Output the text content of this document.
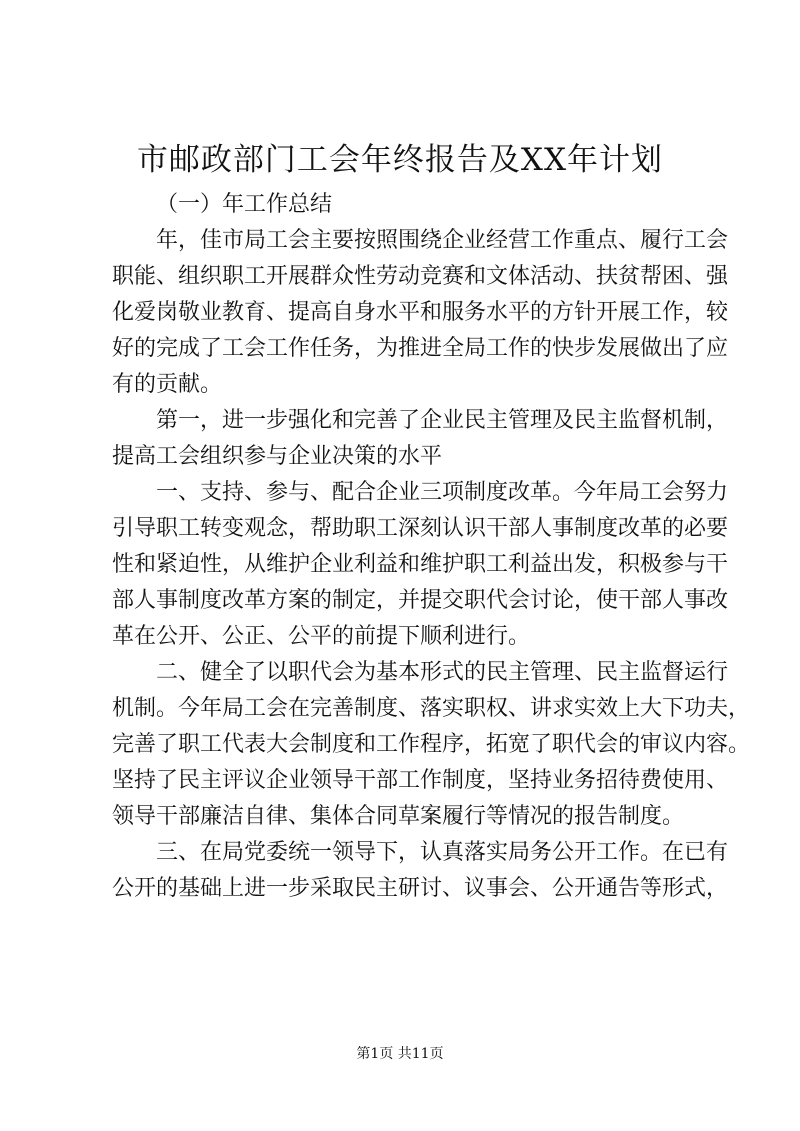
市邮政部门工会年终报告及XX年计划
（一）年工作总结
年，佳市局工会主要按照围绕企业经营工作重点、履行工会
职能、组织职工开展群众性劳动竞赛和文体活动、扶贫帮困、强
化爱岗敬业教育、提高自身水平和服务水平的方针开展工作，较
好的完成了工会工作任务，为推进全局工作的快步发展做出了应
有的贡献。
第一，进一步强化和完善了企业民主管理及民主监督机制，
提高工会组织参与企业决策的水平
一、支持、参与、配合企业三项制度改革。今年局工会努力
引导职工转变观念，帮助职工深刻认识干部人事制度改革的必要
性和紧迫性，从维护企业利益和维护职工利益出发，积极参与干
部人事制度改革方案的制定，并提交职代会讨论，使干部人事改
革在公开、公正、公平的前提下顺利进行。
二、健全了以职代会为基本形式的民主管理、民主监督运行
机制。今年局工会在完善制度、落实职权、讲求实效上大下功夫，
完善了职工代表大会制度和工作程序，拓宽了职代会的审议内容。
坚持了民主评议企业领导干部工作制度，坚持业务招待费使用、
领导干部廉洁自律、集体合同草案履行等情况的报告制度。
三、在局党委统一领导下，认真落实局务公开工作。在已有
公开的基础上进一步采取民主研讨、议事会、公开通告等形式，
第1页 共11页
